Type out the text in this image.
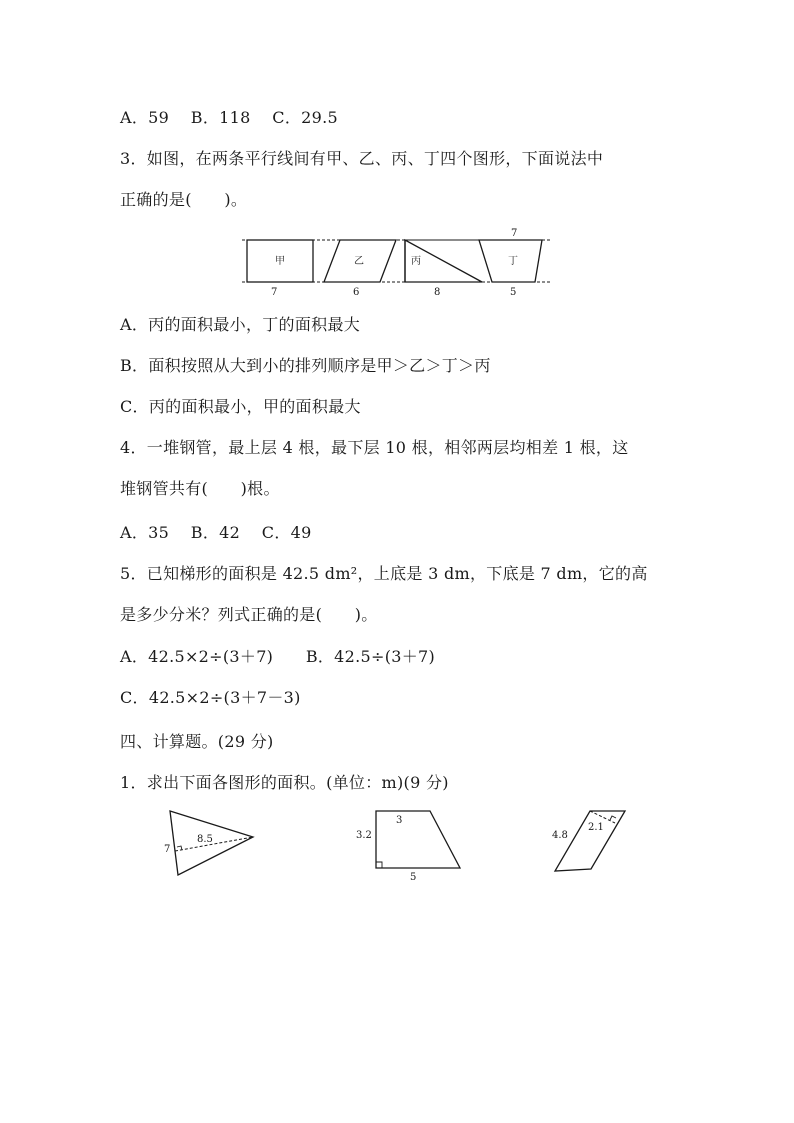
A．59　 B．118　 C．29.5
3．如图，在两条平行线间有甲、乙、丙、丁四个图形，下面说法中
正确的是(　　)。
甲	乙	丙	丁
7
7	6	8	5
A．丙的面积最小，丁的面积最大
B．面积按照从大到小的排列顺序是甲＞乙＞丁＞丙
C．丙的面积最小，甲的面积最大
4．一堆钢管，最上层 4 根，最下层 10 根，相邻两层均相差 1 根，这
堆钢管共有(　　)根。
A．35　 B．42　 C．49
5．已知梯形的面积是 42.5 dm²，上底是 3 dm，下底是 7 dm，它的高
是多少分米？列式正确的是(　　)。
A．42.5×2÷(3＋7)　　B．42.5÷(3＋7)
C．42.5×2÷(3＋7－3)
四、计算题。(29 分)
1．求出下面各图形的面积。(单位：m)(9 分)
8.5
7
3
3.2
5
2.1
4.8
